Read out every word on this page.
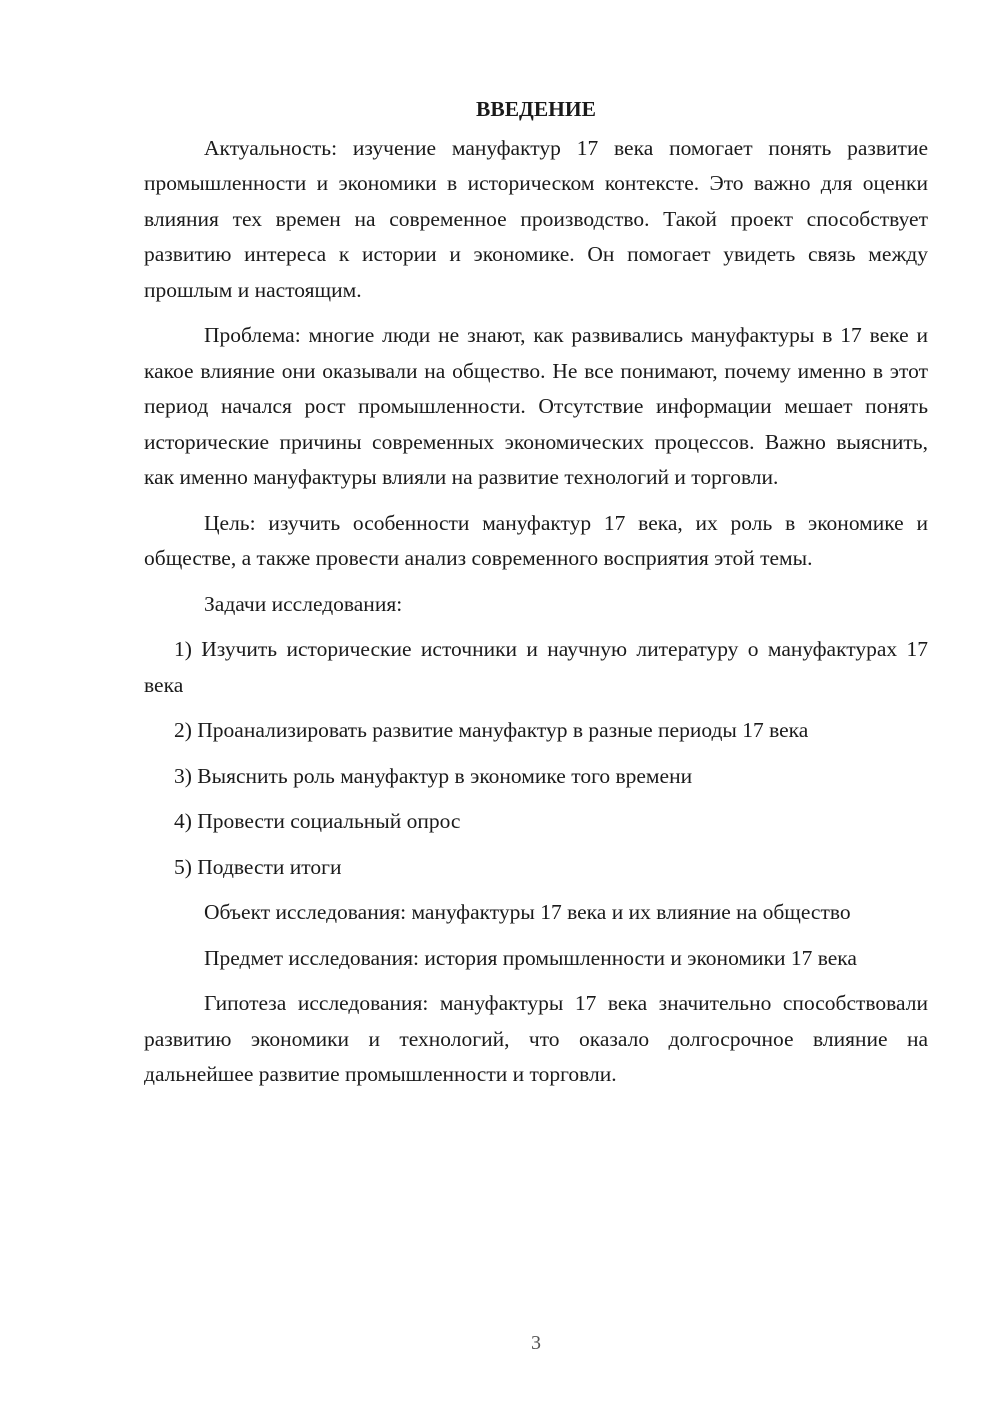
ВВЕДЕНИЕ

Актуальность: изучение мануфактур 17 века помогает понять развитие промышленности и экономики в историческом контексте. Это важно для оценки влияния тех времен на современное производство. Такой проект способствует развитию интереса к истории и экономике. Он помогает увидеть связь между прошлым и настоящим.

Проблема: многие люди не знают, как развивались мануфактуры в 17 веке и какое влияние они оказывали на общество. Не все понимают, почему именно в этот период начался рост промышленности. Отсутствие информации мешает понять исторические причины современных экономических процессов. Важно выяснить, как именно мануфактуры влияли на развитие технологий и торговли.

Цель: изучить особенности мануфактур 17 века, их роль в экономике и обществе, а также провести анализ современного восприятия этой темы.

Задачи исследования:

1) Изучить исторические источники и научную литературу о мануфактурах 17 века

2) Проанализировать развитие мануфактур в разные периоды 17 века

3) Выяснить роль мануфактур в экономике того времени

4) Провести социальный опрос

5) Подвести итоги

Объект исследования: мануфактуры 17 века и их влияние на общество

Предмет исследования: история промышленности и экономики 17 века

Гипотеза исследования: мануфактуры 17 века значительно способствовали развитию экономики и технологий, что оказало долгосрочное влияние на дальнейшее развитие промышленности и торговли.

3
